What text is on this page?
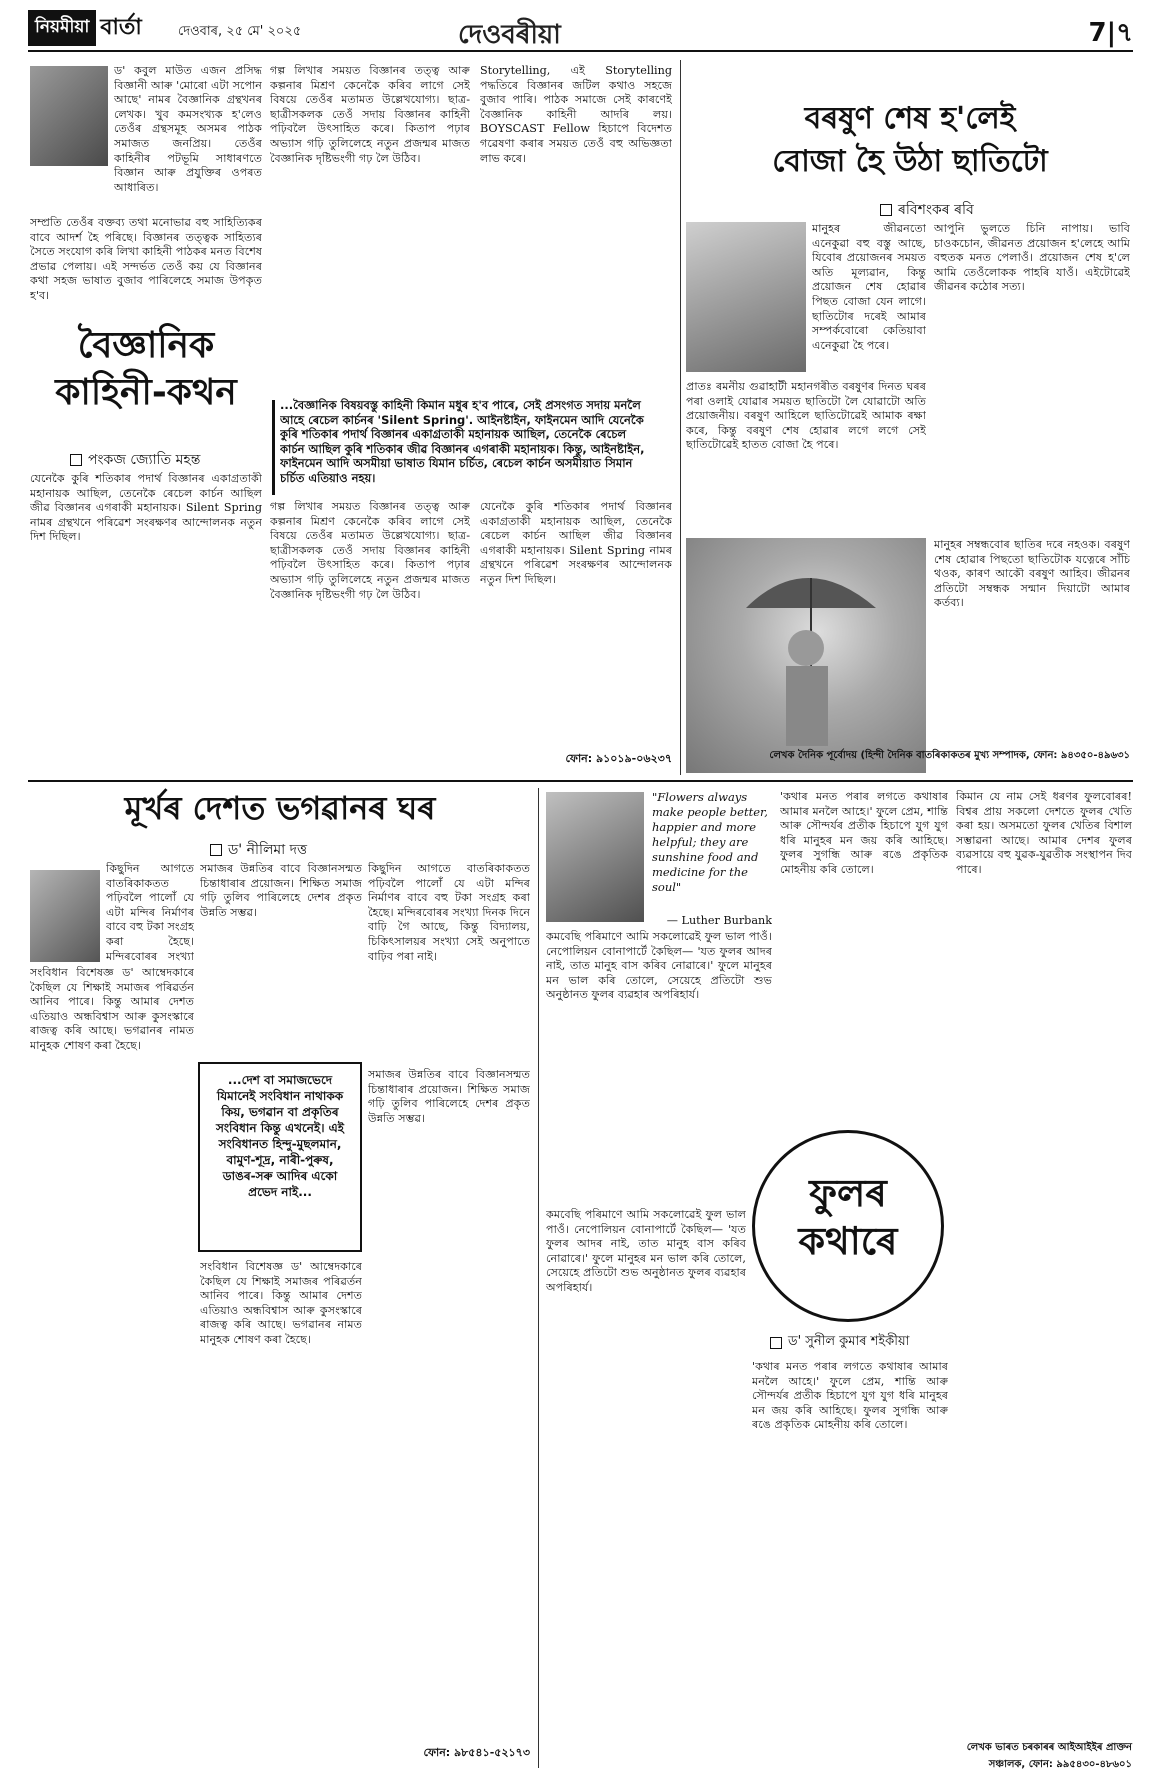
নিয়মীয়া বাৰ্তা	দেওবাৰ, ২৫ মে' ২০২৫	দেওবৰীয়া	7|৭
ড' কবুল মাউত এজন প্ৰসিদ্ধ বিজ্ঞানী আৰু 'মোৰো এটা সপোন আছে' নামৰ বৈজ্ঞানিক গ্ৰন্থখনৰ লেখক। খুব কমসংখ্যক হ'লেও তেওঁৰ গ্ৰন্থসমূহ অসমৰ পাঠক সমাজত জনপ্ৰিয়। তেওঁৰ কাহিনীৰ পটভূমি সাধাৰণতে বিজ্ঞান আৰু প্ৰযুক্তিৰ ওপৰত আধাৰিত।
সম্প্ৰতি তেওঁৰ বক্তব্য তথা মনোভাৱ বহু সাহিত্যিকৰ বাবে আদৰ্শ হৈ পৰিছে। বিজ্ঞানৰ তত্ত্বক সাহিত্যৰ সৈতে সংযোগ কৰি লিখা কাহিনী পাঠকৰ মনত বিশেষ প্ৰভাৱ পেলায়। এই সন্দৰ্ভত তেওঁ কয় যে বিজ্ঞানৰ কথা সহজ ভাষাত বুজাব পাৰিলেহে সমাজ উপকৃত হ'ব।
গল্প লিখাৰ সময়ত বিজ্ঞানৰ তত্ত্ব আৰু কল্পনাৰ মিশ্ৰণ কেনেকৈ কৰিব লাগে সেই বিষয়ে তেওঁৰ মতামত উল্লেখযোগ্য। ছাত্ৰ-ছাত্ৰীসকলক তেওঁ সদায় বিজ্ঞানৰ কাহিনী পঢ়িবলৈ উৎসাহিত কৰে। কিতাপ পঢ়াৰ অভ্যাস গঢ়ি তুলিলেহে নতুন প্ৰজন্মৰ মাজত বৈজ্ঞানিক দৃষ্টিভংগী গঢ় লৈ উঠিব।
বৈজ্ঞানিক
কাহিনী-কথন
পংকজ জ্যোতি মহন্ত
...বৈজ্ঞানিক বিষয়বস্তু কাহিনী কিমান মধুৰ হ'ব পাৰে, সেই প্ৰসংগত সদায় মনলৈ আহে ৰেচেল কাৰ্চনৰ 'Silent Spring'. আইনষ্টাইন, ফাইনমেন আদি যেনেকৈ কুৰি শতিকাৰ পদাৰ্থ বিজ্ঞানৰ একাগ্ৰতাকী মহানায়ক আছিল, তেনেকৈ ৰেচেল কাৰ্চন আছিল কুৰি শতিকাৰ জীৱ বিজ্ঞানৰ এগৰাকী মহানায়ক। কিন্তু, আইনষ্টাইন, ফাইনমেন আদি অসমীয়া ভাষাত যিমান চৰ্চিত, ৰেচেল কাৰ্চন অসমীয়াত সিমান চৰ্চিত এতিয়াও নহয়।
Storytelling, এই Storytelling পদ্ধতিৰে বিজ্ঞানৰ জটিল কথাও সহজে বুজাব পাৰি। পাঠক সমাজে সেই কাৰণেই বৈজ্ঞানিক কাহিনী আদৰি লয়। BOYSCAST Fellow হিচাপে বিদেশত গৱেষণা কৰাৰ সময়ত তেওঁ বহু অভিজ্ঞতা লাভ কৰে।
যেনেকৈ কুৰি শতিকাৰ পদাৰ্থ বিজ্ঞানৰ একাগ্ৰতাকী মহানায়ক আছিল, তেনেকৈ ৰেচেল কাৰ্চন আছিল জীৱ বিজ্ঞানৰ এগৰাকী মহানায়ক। Silent Spring নামৰ গ্ৰন্থখনে পৰিৱেশ সংৰক্ষণৰ আন্দোলনক নতুন দিশ দিছিল।
গল্প লিখাৰ সময়ত বিজ্ঞানৰ তত্ত্ব আৰু কল্পনাৰ মিশ্ৰণ কেনেকৈ কৰিব লাগে সেই বিষয়ে তেওঁৰ মতামত উল্লেখযোগ্য। ছাত্ৰ-ছাত্ৰীসকলক তেওঁ সদায় বিজ্ঞানৰ কাহিনী পঢ়িবলৈ উৎসাহিত কৰে। কিতাপ পঢ়াৰ অভ্যাস গঢ়ি তুলিলেহে নতুন প্ৰজন্মৰ মাজত বৈজ্ঞানিক দৃষ্টিভংগী গঢ় লৈ উঠিব।
যেনেকৈ কুৰি শতিকাৰ পদাৰ্থ বিজ্ঞানৰ একাগ্ৰতাকী মহানায়ক আছিল, তেনেকৈ ৰেচেল কাৰ্চন আছিল জীৱ বিজ্ঞানৰ এগৰাকী মহানায়ক। Silent Spring নামৰ গ্ৰন্থখনে পৰিৱেশ সংৰক্ষণৰ আন্দোলনক নতুন দিশ দিছিল।
ফোন: ৯১০১৯-০৬২৩৭
বৰষুণ শেষ হ'লেই
বোজা হৈ উঠা ছাতিটো
ৰবিশংকৰ ৰবি
প্ৰাতঃ ৰমনীয় গুৱাহাটী মহানগৰীত বৰষুণৰ দিনত ঘৰৰ পৰা ওলাই যোৱাৰ সময়ত ছাতিটো লৈ যোৱাটো অতি প্ৰয়োজনীয়। বৰষুণ আহিলে ছাতিটোৱেই আমাক ৰক্ষা কৰে, কিন্তু বৰষুণ শেষ হোৱাৰ লগে লগে সেই ছাতিটোৱেই হাতত বোজা হৈ পৰে।
মানুহৰ জীৱনতো এনেকুৱা বহু বস্তু আছে, যিবোৰ প্ৰয়োজনৰ সময়ত অতি মূল্যৱান, কিন্তু প্ৰয়োজন শেষ হোৱাৰ পিছত বোজা যেন লাগে। ছাতিটোৰ দৰেই আমাৰ সম্পৰ্কবোৰো কেতিয়াবা এনেকুৱা হৈ পৰে।
আপুনি ভুলতে চিনি নাপায়। ভাবি চাওকচোন, জীৱনত প্ৰয়োজন হ'লেহে আমি বহুতক মনত পেলাওঁ। প্ৰয়োজন শেষ হ'লে আমি তেওঁলোকক পাহৰি যাওঁ। এইটোৱেই জীৱনৰ কঠোৰ সত্য।
মানুহৰ সম্বন্ধবোৰ ছাতিৰ দৰে নহওক। বৰষুণ শেষ হোৱাৰ পিছতো ছাতিটোক যত্নেৰে সাঁচি থওক, কাৰণ আকৌ বৰষুণ আহিব। জীৱনৰ প্ৰতিটো সম্বন্ধক সন্মান দিয়াটো আমাৰ কৰ্তব্য।
লেখক দৈনিক পূৰ্বোদয় (হিন্দী দৈনিক বাতৰিকাকতৰ মুখ্য সম্পাদক, ফোন: ৯৪৩৫০-৪৯৬৩১
মূৰ্খৰ দেশত ভগৱানৰ ঘৰ
ড' নীলিমা দত্ত
কিছুদিন আগতে বাতৰিকাকতত পঢ়িবলৈ পালোঁ যে এটা মন্দিৰ নিৰ্মাণৰ বাবে বহু টকা সংগ্ৰহ কৰা হৈছে। মন্দিৰবোৰৰ সংখ্যা
সংবিধান বিশেষজ্ঞ ড' আম্বেদকাৰে কৈছিল যে শিক্ষাই সমাজৰ পৰিৱৰ্তন আনিব পাৰে। কিন্তু আমাৰ দেশত এতিয়াও অন্ধবিশ্বাস আৰু কুসংস্কাৰে ৰাজত্ব কৰি আছে। ভগৱানৰ নামত মানুহক শোষণ কৰা হৈছে।
সমাজৰ উন্নতিৰ বাবে বিজ্ঞানসন্মত চিন্তাধাৰাৰ প্ৰয়োজন। শিক্ষিত সমাজ গঢ়ি তুলিব পাৰিলেহে দেশৰ প্ৰকৃত উন্নতি সম্ভৱ।
কিছুদিন আগতে বাতৰিকাকতত পঢ়িবলৈ পালোঁ যে এটা মন্দিৰ নিৰ্মাণৰ বাবে বহু টকা সংগ্ৰহ কৰা হৈছে। মন্দিৰবোৰৰ সংখ্যা দিনক দিনে বাঢ়ি গৈ আছে, কিন্তু বিদ্যালয়, চিকিৎসালয়ৰ সংখ্যা সেই অনুপাতে বাঢ়িব পৰা নাই।
...দেশ বা সমাজভেদে যিমানেই সংবিধান নাথাকক কিয়, ভগৱান বা প্ৰকৃতিৰ সংবিধান কিন্তু এখনেই। এই সংবিধানত হিন্দু-মুছলমান, বামুণ-শূদ্ৰ, নাৰী-পুৰুষ, ডাঙৰ-সৰু আদিৰ একো প্ৰভেদ নাই...
সংবিধান বিশেষজ্ঞ ড' আম্বেদকাৰে কৈছিল যে শিক্ষাই সমাজৰ পৰিৱৰ্তন আনিব পাৰে। কিন্তু আমাৰ দেশত এতিয়াও অন্ধবিশ্বাস আৰু কুসংস্কাৰে ৰাজত্ব কৰি আছে। ভগৱানৰ নামত মানুহক শোষণ কৰা হৈছে।
সমাজৰ উন্নতিৰ বাবে বিজ্ঞানসন্মত চিন্তাধাৰাৰ প্ৰয়োজন। শিক্ষিত সমাজ গঢ়ি তুলিব পাৰিলেহে দেশৰ প্ৰকৃত উন্নতি সম্ভৱ।
ফোন: ৯৮৫৪১-৫২১৭৩
"Flowers always make people better, happier and more helpful; they are sunshine food and medicine for the soul"
— Luther Burbank
কমবেছি পৰিমাণে আমি সকলোৱেই ফুল ভাল পাওঁ। নেপোলিয়ন বোনাপাৰ্টে কৈছিল— 'যত ফুলৰ আদৰ নাই, তাত মানুহ বাস কৰিব নোৱাৰে।' ফুলে মানুহৰ মন ভাল কৰি তোলে, সেয়েহে প্ৰতিটো শুভ অনুষ্ঠানত ফুলৰ ব্যৱহাৰ অপৰিহাৰ্য।
'কথাৰ মনত পৰাৰ লগতে কথাষাৰ আমাৰ মনলৈ আহে।' ফুলে প্ৰেম, শান্তি আৰু সৌন্দৰ্যৰ প্ৰতীক হিচাপে যুগ যুগ ধৰি মানুহৰ মন জয় কৰি আহিছে। ফুলৰ সুগন্ধি আৰু ৰঙে প্ৰকৃতিক মোহনীয় কৰি তোলে।
কিমান যে নাম সেই ধৰণৰ ফুলবোৰৰ! বিশ্বৰ প্ৰায় সকলো দেশতে ফুলৰ খেতি কৰা হয়। অসমতো ফুলৰ খেতিৰ বিশাল সম্ভাৱনা আছে। আমাৰ দেশৰ ফুলৰ ব্যৱসায়ে বহু যুৱক-যুৱতীক সংস্থাপন দিব পাৰে।
ফুলৰ
কথাৰে
ড' সুনীল কুমাৰ শইকীয়া
কমবেছি পৰিমাণে আমি সকলোৱেই ফুল ভাল পাওঁ। নেপোলিয়ন বোনাপাৰ্টে কৈছিল— 'যত ফুলৰ আদৰ নাই, তাত মানুহ বাস কৰিব নোৱাৰে।' ফুলে মানুহৰ মন ভাল কৰি তোলে, সেয়েহে প্ৰতিটো শুভ অনুষ্ঠানত ফুলৰ ব্যৱহাৰ অপৰিহাৰ্য।
'কথাৰ মনত পৰাৰ লগতে কথাষাৰ আমাৰ মনলৈ আহে।' ফুলে প্ৰেম, শান্তি আৰু সৌন্দৰ্যৰ প্ৰতীক হিচাপে যুগ যুগ ধৰি মানুহৰ মন জয় কৰি আহিছে। ফুলৰ সুগন্ধি আৰু ৰঙে প্ৰকৃতিক মোহনীয় কৰি তোলে।
লেখক ভাৰত চৰকাৰৰ আইআইইৰ প্ৰাক্তন সঞ্চালক, ফোন: ৯৯৫৪৩০-৪৮৬০১
